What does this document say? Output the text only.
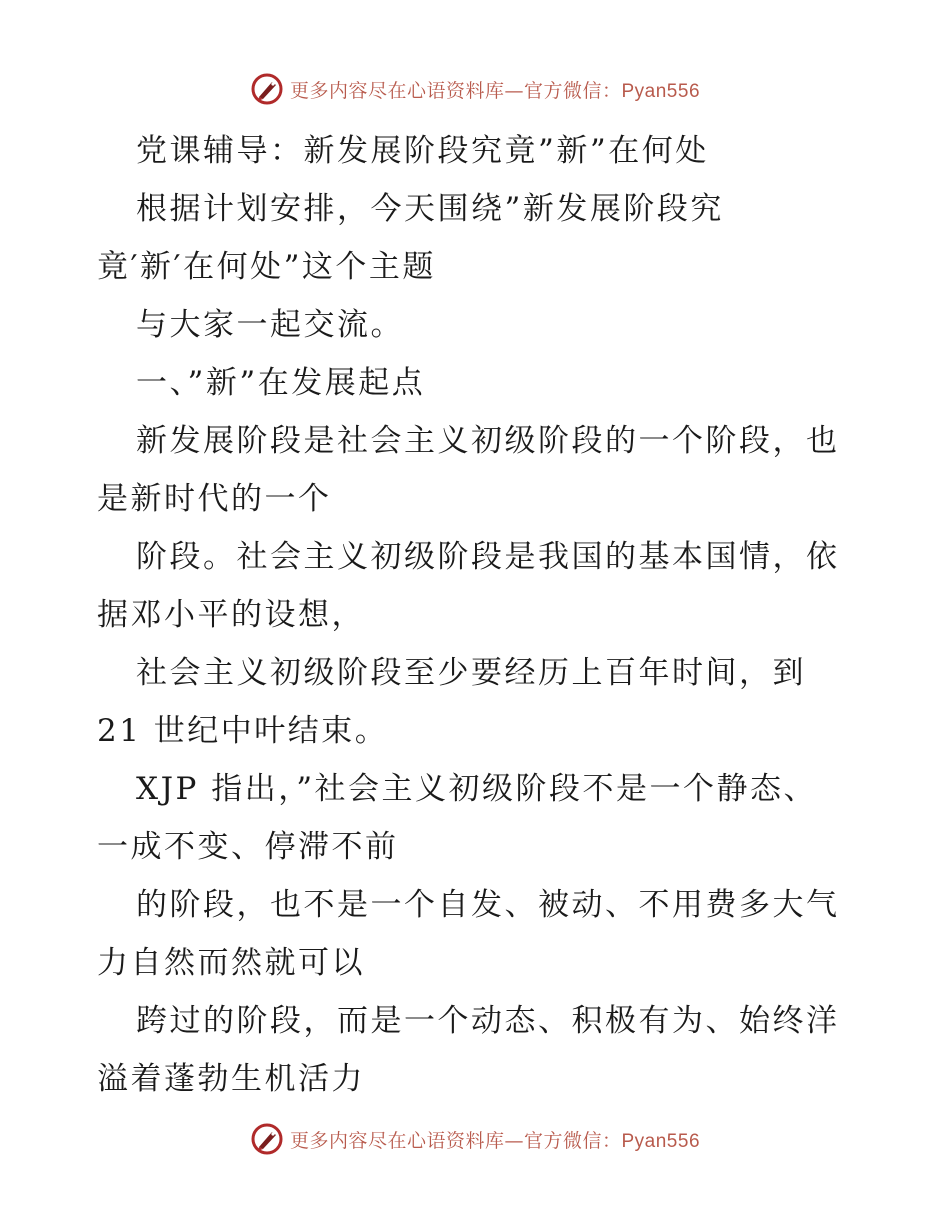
更多内容尽在心语资料库—官方微信：Pyan556
党课辅导：新发展阶段究竟”新”在何处
根据计划安排，今天围绕”新发展阶段究
竟′新′在何处”这个主题
与大家一起交流。
一、”新”在发展起点
新发展阶段是社会主义初级阶段的一个阶段，也
是新时代的一个
阶段。社会主义初级阶段是我国的基本国情，依
据邓小平的设想，
社会主义初级阶段至少要经历上百年时间，到
21 世纪中叶结束。
XJP 指出，”社会主义初级阶段不是一个静态、
一成不变、停滞不前
的阶段，也不是一个自发、被动、不用费多大气
力自然而然就可以
跨过的阶段，而是一个动态、积极有为、始终洋
溢着蓬勃生机活力
更多内容尽在心语资料库—官方微信：Pyan556
